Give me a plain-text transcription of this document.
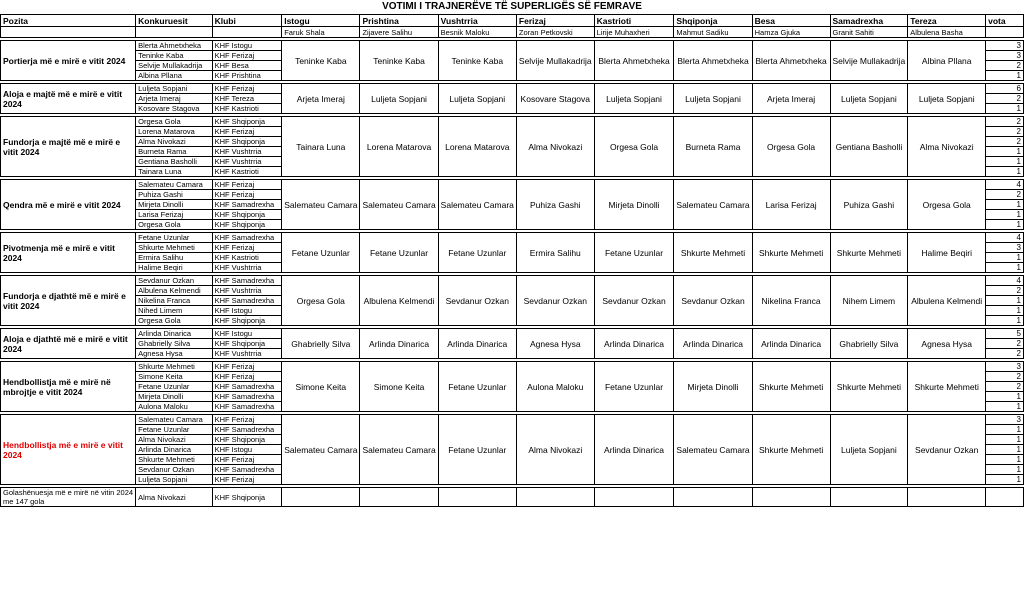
VOTIMI I TRAJNERËVE TË SUPERLIGËS SË FEMRAVE
Pozita	Konkuruesit	Klubi	Istogu	Prishtina	Vushtrria	Ferizaj	Kastrioti	Shqiponja	Besa	Samadrexha	Tereza	vota
			Faruk Shala	Zijavere Salihu	Besnik Maloku	Zoran Petkovski	Lirije Muhaxheri	Mahmut Sadiku	Hamza Gjuka	Granit Sahiti	Albulena Basha	

Portierja më e mirë e vitit 2024	Blerta Ahmetxheka	KHF Istogu	Teninke Kaba	Teninke Kaba	Teninke Kaba	Selvije Mullakadrija	Blerta Ahmetxheka	Blerta Ahmetxheka	Blerta Ahmetxheka	Selvije Mullakadrija	Albina Pllana	3
	Teninke Kaba	KHF Ferizaj										3
	Selvije Mullakadrija	KHF Besa										2
	Albina Pllana	KHF Prishtina										1

Aloja e majtë më e mirë e vitit 2024	Luljeta Sopjani	KHF Ferizaj	Arjeta Imeraj	Luljeta Sopjani	Luljeta Sopjani	Kosovare Stagova	Luljeta Sopjani	Luljeta Sopjani	Arjeta Imeraj	Luljeta Sopjani	Luljeta Sopjani	6
	Arjeta Imeraj	KHF Tereza										2
	Kosovare Stagova	KHF Kastrioti										1

Fundorja e majtë më e mirë e vitit 2024	Orgesa Gola	KHF Shqiponja	Tainara Luna	Lorena Matarova	Lorena Matarova	Alma Nivokazi	Orgesa Gola	Burneta Rama	Orgesa Gola	Gentiana Basholli	Alma Nivokazi	2
	Lorena Matarova	KHF Ferizaj										2
	Alma Nivokazi	KHF Shqiponja										2
	Burneta Rama	KHF Vushtrria										1
	Gentiana Basholli	KHF Vushtrria										1
	Tainara Luna	KHF Kastrioti										1

Qendra më e mirë e vitit 2024	Salemateu Camara	KHF Ferizaj	Salemateu Camara	Salemateu Camara	Salemateu Camara	Puhiza Gashi	Mirjeta Dinolli	Salemateu Camara	Larisa Ferizaj	Puhiza Gashi	Orgesa Gola	4
	Puhiza Gashi	KHF Ferizaj										2
	Mirjeta Dinolli	KHF Samadrexha										1
	Larisa Ferizaj	KHF Shqiponja										1
	Orgesa Gola	KHF Shqiponja										1

Pivotmenja më e mirë e vitit 2024	Fetane Uzunlar	KHF Samadrexha	Fetane Uzunlar	Fetane Uzunlar	Fetane Uzunlar	Ermira Salihu	Fetane Uzunlar	Shkurte Mehmeti	Shkurte Mehmeti	Shkurte Mehmeti	Halime Beqiri	4
	Shkurte Mehmeti	KHF Ferizaj										3
	Ermira Salihu	KHF Kastrioti										1
	Halime Beqiri	KHF Vushtrria										1

Fundorja e djathtë më e mirë e vitit 2024	Sevdanur Ozkan	KHF Samadrexha	Orgesa Gola	Albulena Kelmendi	Sevdanur Ozkan	Sevdanur Ozkan	Sevdanur Ozkan	Sevdanur Ozkan	Nikelina Franca	Nihem Limem	Albulena Kelmendi	4
	Albulena Kelmendi	KHF Vushtrria										2
	Nikelina Franca	KHF Samadrexha										1
	Nihed Limem	KHF Istogu										1
	Orgesa Gola	KHF Shqiponja										1

Aloja e djathtë më e mirë e vitit 2024	Arlinda Dinarica	KHF Istogu	Ghabrielly Silva	Arlinda Dinarica	Arlinda Dinarica	Agnesa Hysa	Arlinda Dinarica	Arlinda Dinarica	Arlinda Dinarica	Ghabrielly Silva	Agnesa Hysa	5
	Ghabrielly Silva	KHF Shqiponja										2
	Agnesa Hysa	KHF Vushtrria										2

Hendbollistja më e mirë në mbrojtje e vitit 2024	Shkurte Mehmeti	KHF Ferizaj	Simone Keita	Simone Keita	Fetane Uzunlar	Aulona Maloku	Fetane Uzunlar	Mirjeta Dinolli	Shkurte Mehmeti	Shkurte Mehmeti	Shkurte Mehmeti	3
	Simone Keita	KHF Ferizaj										2
	Fetane Uzunlar	KHF Samadrexha										2
	Mirjeta Dinolli	KHF Samadrexha										1
	Aulona Maloku	KHF Samadrexha										1

Hendbollistja më e mirë e vitit 2024	Salemateu Camara	KHF Ferizaj	Salemateu Camara	Salemateu Camara	Fetane Uzunlar	Alma Nivokazi	Arlinda Dinarica	Salemateu Camara	Shkurte Mehmeti	Luljeta Sopjani	Sevdanur Ozkan	3
	Fetane Uzunlar	KHF Samadrexha										1
	Alma Nivokazi	KHF Shqiponja										1
	Arlinda Dinarica	KHF Istogu										1
	Shkurte Mehmeti	KHF Ferizaj										1
	Sevdanur Ozkan	KHF Samadrexha										1
	Luljeta Sopjani	KHF Ferizaj										1

Golashënuesja më e mirë në vitin 2024 me 147 gola	Alma Nivokazi	KHF Shqiponja										
